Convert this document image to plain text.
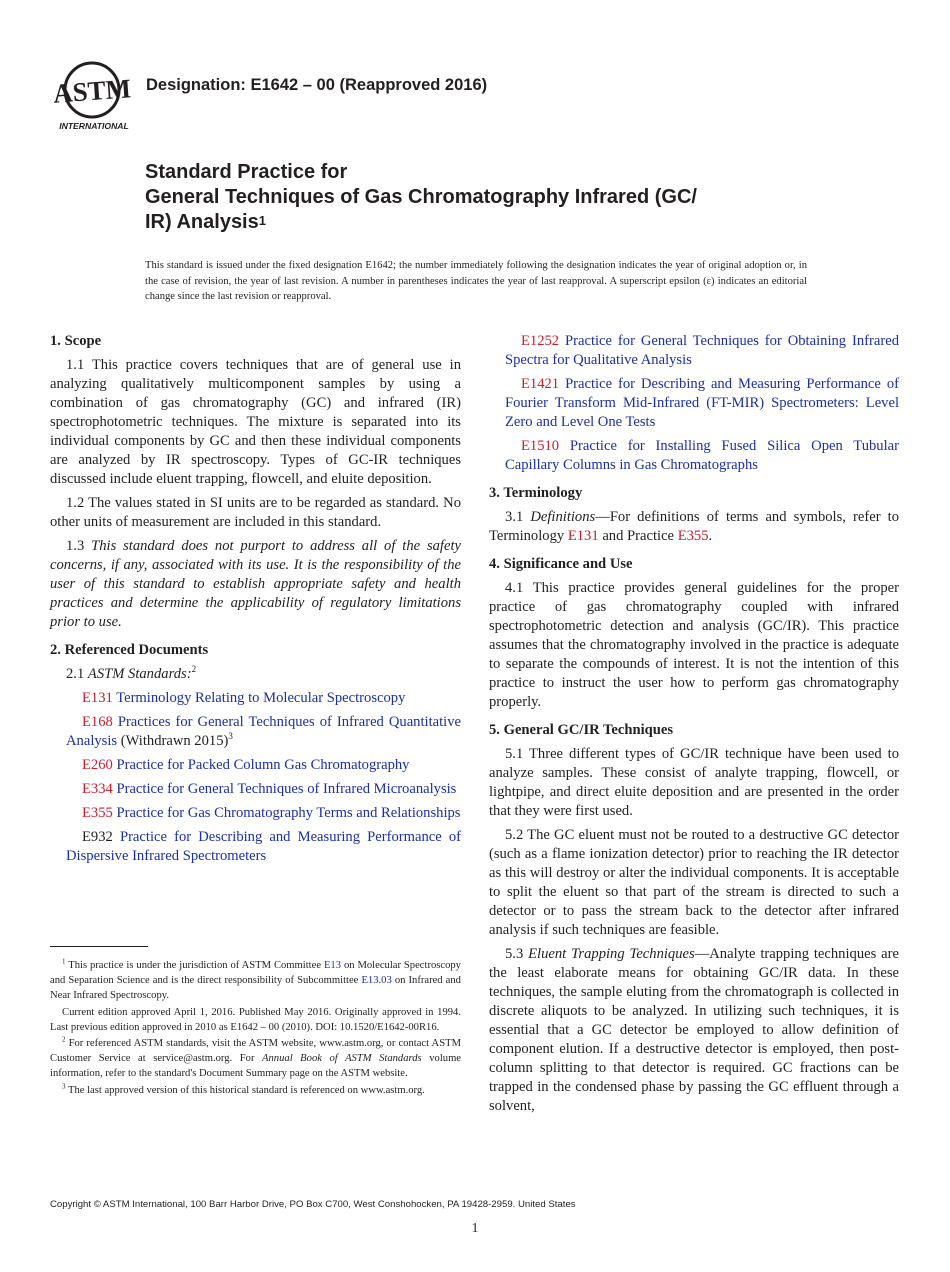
ASTM
INTERNATIONAL
Designation: E1642 – 00 (Reapproved 2016)
Standard Practice for
General Techniques of Gas Chromatography Infrared (GC/
IR) Analysis$^1$
This standard is issued under the fixed designation E1642; the number immediately following the designation indicates the year of original adoption or, in the case of revision, the year of last revision. A number in parentheses indicates the year of last reapproval. A superscript epsilon (ε) indicates an editorial change since the last revision or reapproval.
1. Scope

1.1 This practice covers techniques that are of general use in analyzing qualitatively multicomponent samples by using a combination of gas chromatography (GC) and infrared (IR) spectrophotometric techniques. The mixture is separated into its individual components by GC and then these individual components are analyzed by IR spectroscopy. Types of GC-IR techniques discussed include eluent trapping, flowcell, and eluite deposition.

1.2 The values stated in SI units are to be regarded as standard. No other units of measurement are included in this standard.

1.3 This standard does not purport to address all of the safety concerns, if any, associated with its use. It is the responsibility of the user of this standard to establish appropriate safety and health practices and determine the applicability of regulatory limitations prior to use.

2. Referenced Documents

2.1 ASTM Standards:$^2$

E131 Terminology Relating to Molecular Spectroscopy

E168 Practices for General Techniques of Infrared Quantitative Analysis (Withdrawn 2015)$^3$

E260 Practice for Packed Column Gas Chromatography

E334 Practice for General Techniques of Infrared Microanalysis

E355 Practice for Gas Chromatography Terms and Relationships

E932 Practice for Describing and Measuring Performance of Dispersive Infrared Spectrometers

E1252 Practice for General Techniques for Obtaining Infrared Spectra for Qualitative Analysis

E1421 Practice for Describing and Measuring Performance of Fourier Transform Mid-Infrared (FT-MIR) Spectrometers: Level Zero and Level One Tests

E1510 Practice for Installing Fused Silica Open Tubular Capillary Columns in Gas Chromatographs

3. Terminology

3.1 Definitions—For definitions of terms and symbols, refer to Terminology E131 and Practice E355.

4. Significance and Use

4.1 This practice provides general guidelines for the proper practice of gas chromatography coupled with infrared spectrophotometric detection and analysis (GC/IR). This practice assumes that the chromatography involved in the practice is adequate to separate the compounds of interest. It is not the intention of this practice to instruct the user how to perform gas chromatography properly.

5. General GC/IR Techniques

5.1 Three different types of GC/IR technique have been used to analyze samples. These consist of analyte trapping, flowcell, or lightpipe, and direct eluite deposition and are presented in the order that they were first used.

5.2 The GC eluent must not be routed to a destructive GC detector (such as a flame ionization detector) prior to reaching the IR detector as this will destroy or alter the individual components. It is acceptable to split the eluent so that part of the stream is directed to such a detector or to pass the stream back to the detector after infrared analysis if such techniques are feasible.

5.3 Eluent Trapping Techniques—Analyte trapping techniques are the least elaborate means for obtaining GC/IR data. In these techniques, the sample eluting from the chromatograph is collected in discrete aliquots to be analyzed. In utilizing such techniques, it is essential that a GC detector be employed to allow definition of component elution. If a destructive detector is employed, then post-column splitting to that detector is required. GC fractions can be trapped in the condensed phase by passing the GC effluent through a solvent,

$^1$ This practice is under the jurisdiction of ASTM Committee E13 on Molecular Spectroscopy and Separation Science and is the direct responsibility of Subcommittee E13.03 on Infrared and Near Infrared Spectroscopy.

Current edition approved April 1, 2016. Published May 2016. Originally approved in 1994. Last previous edition approved in 2010 as E1642 – 00 (2010). DOI: 10.1520/E1642-00R16.

$^2$ For referenced ASTM standards, visit the ASTM website, www.astm.org, or contact ASTM Customer Service at service@astm.org. For Annual Book of ASTM Standards volume information, refer to the standard's Document Summary page on the ASTM website.

$^3$ The last approved version of this historical standard is referenced on www.astm.org.

Copyright © ASTM International, 100 Barr Harbor Drive, PO Box C700, West Conshohocken, PA 19428-2959. United States
1
